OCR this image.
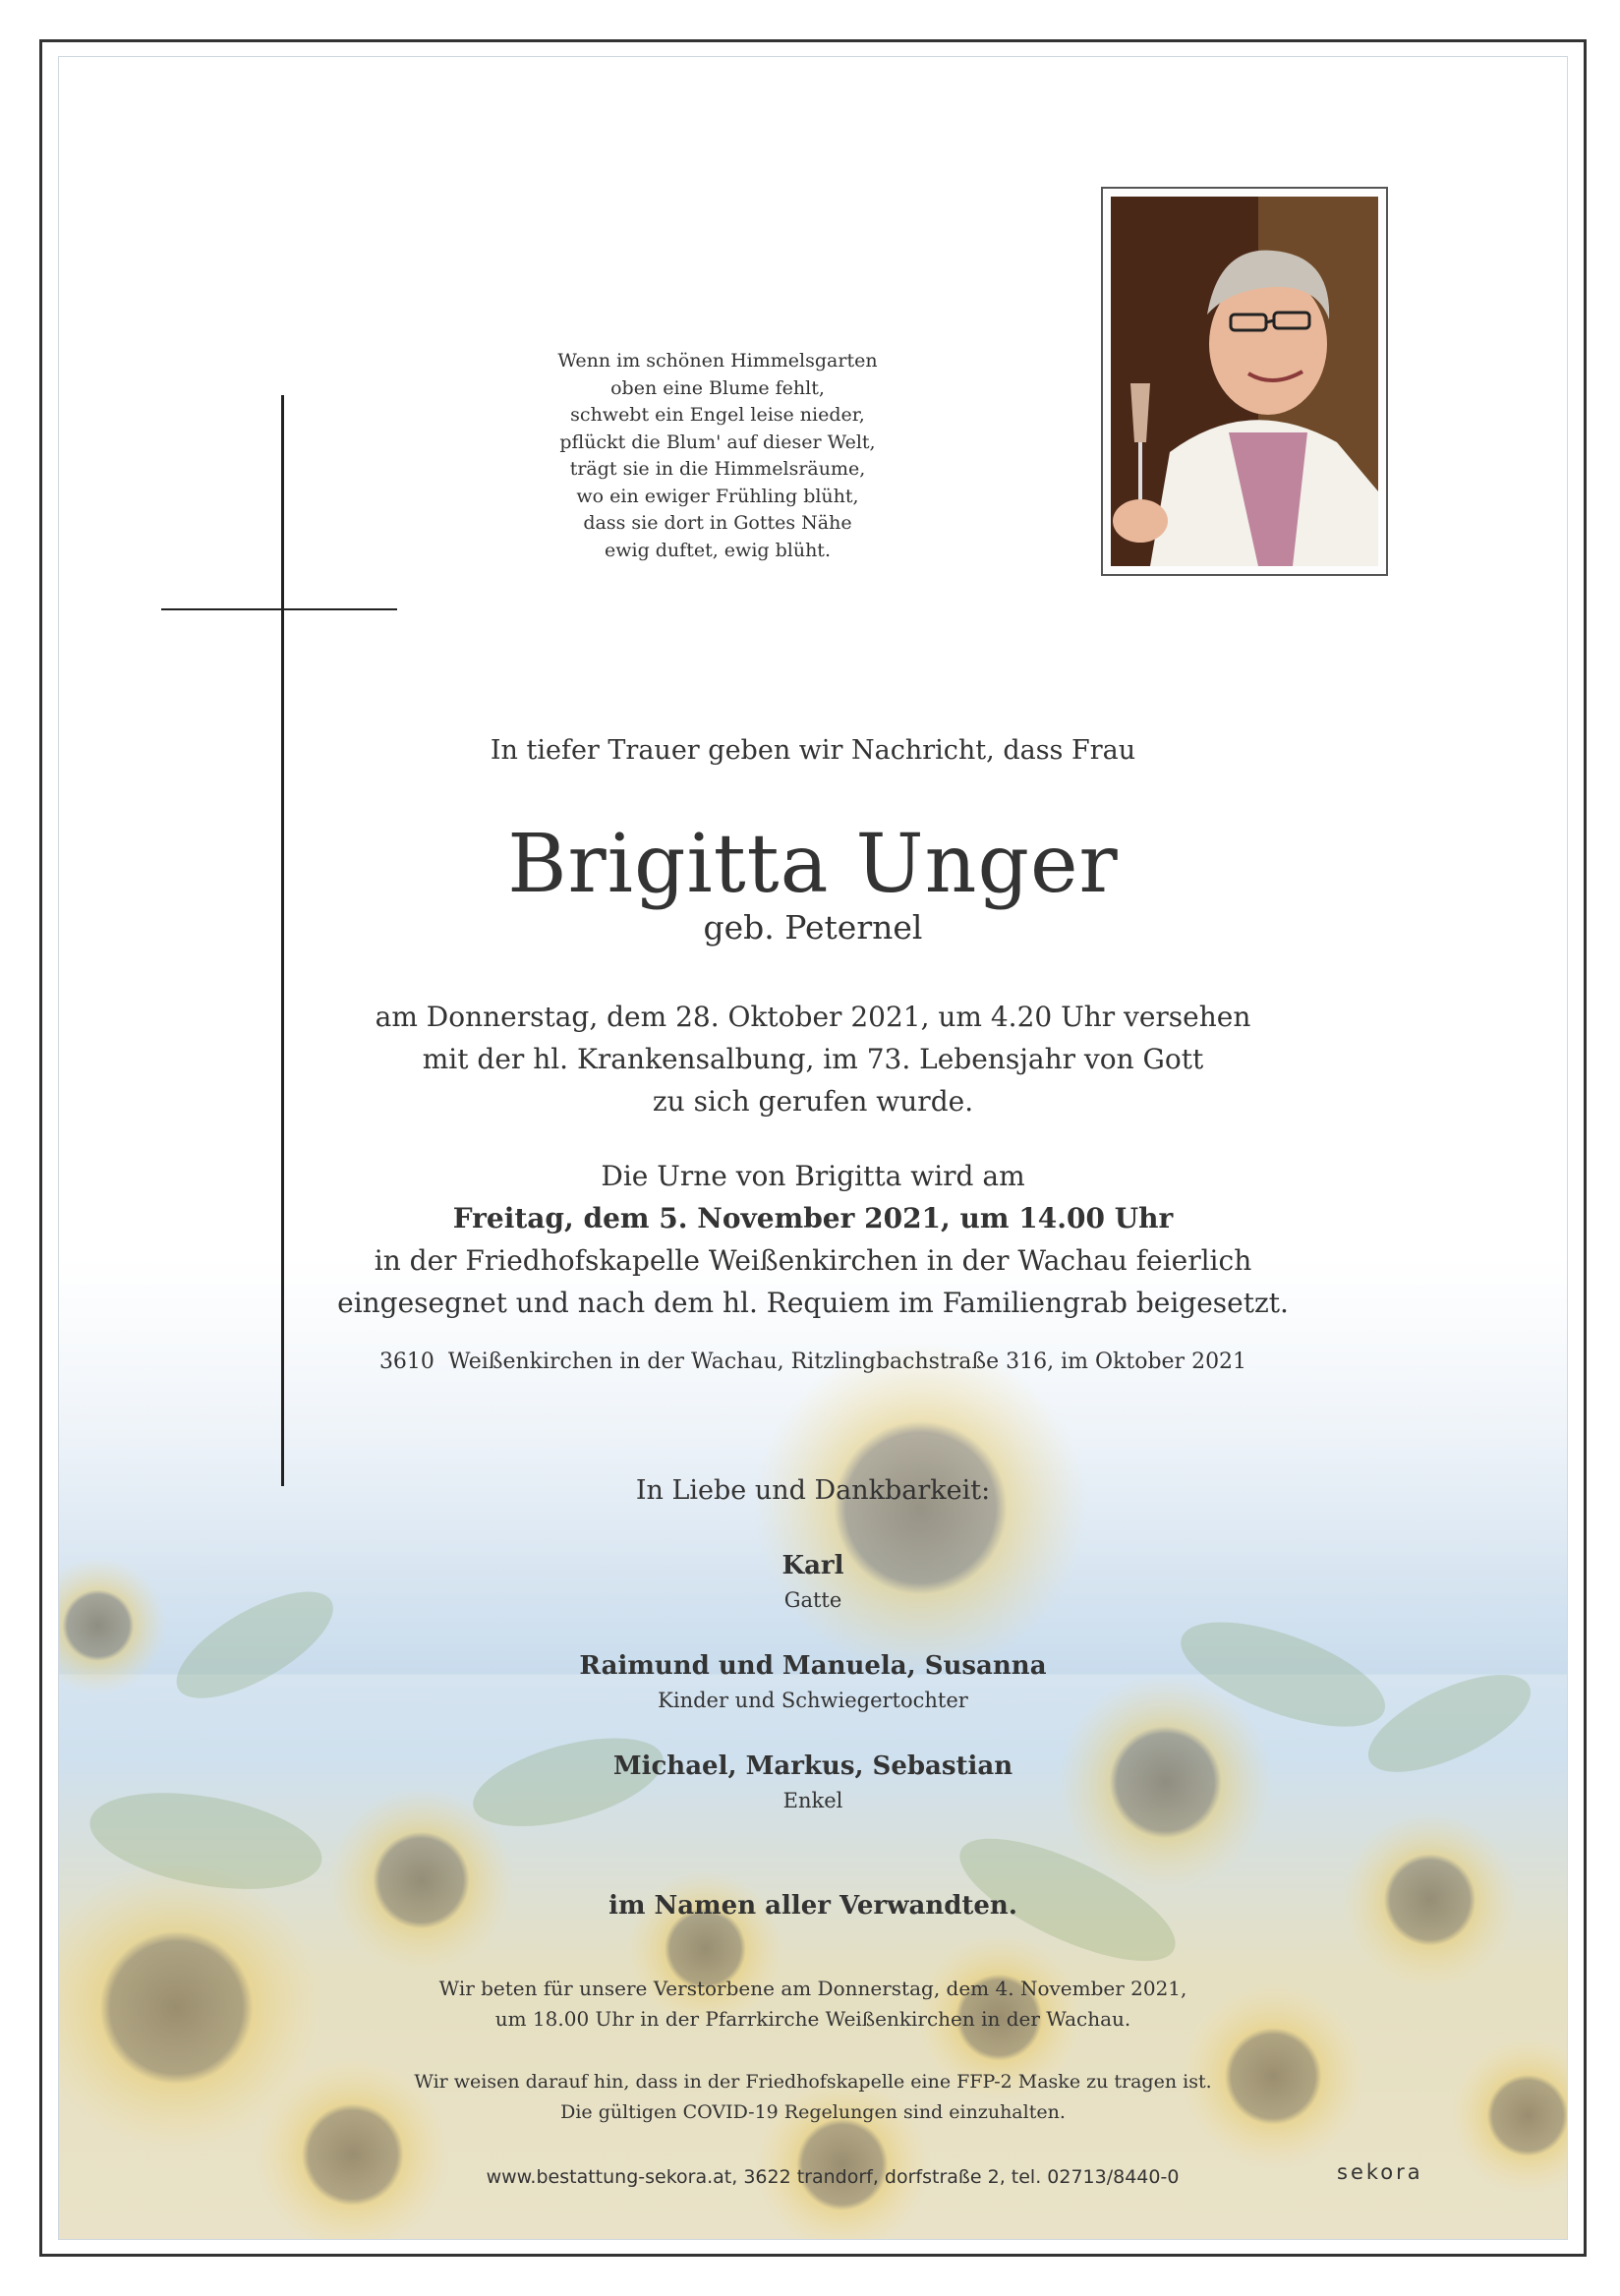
Wenn im schönen Himmelsgarten
oben eine Blume fehlt,
schwebt ein Engel leise nieder,
pflückt die Blum' auf dieser Welt,
trägt sie in die Himmelsräume,
wo ein ewiger Frühling blüht,
dass sie dort in Gottes Nähe
ewig duftet, ewig blüht.
In tiefer Trauer geben wir Nachricht, dass Frau
Brigitta Unger
geb. Peternel
am Donnerstag, dem 28. Oktober 2021, um 4.20 Uhr versehen
mit der hl. Krankensalbung, im 73. Lebensjahr von Gott
zu sich gerufen wurde.
Die Urne von Brigitta wird am
Freitag, dem 5. November 2021, um 14.00 Uhr
in der Friedhofskapelle Weißenkirchen in der Wachau feierlich
eingesegnet und nach dem hl. Requiem im Familiengrab beigesetzt.
3610  Weißenkirchen in der Wachau, Ritzlingbachstraße 316, im Oktober 2021
In Liebe und Dankbarkeit:
Karl
Gatte
Raimund und Manuela, Susanna
Kinder und Schwiegertochter
Michael, Markus, Sebastian
Enkel
im Namen aller Verwandten.
Wir beten für unsere Verstorbene am Donnerstag, dem 4. November 2021,
um 18.00 Uhr in der Pfarrkirche Weißenkirchen in der Wachau.
Wir weisen darauf hin, dass in der Friedhofskapelle eine FFP-2 Maske zu tragen ist.
Die gültigen COVID-19 Regelungen sind einzuhalten.
www.bestattung-sekora.at, 3622 trandorf, dorfstraße 2, tel. 02713/8440-0	sekora
